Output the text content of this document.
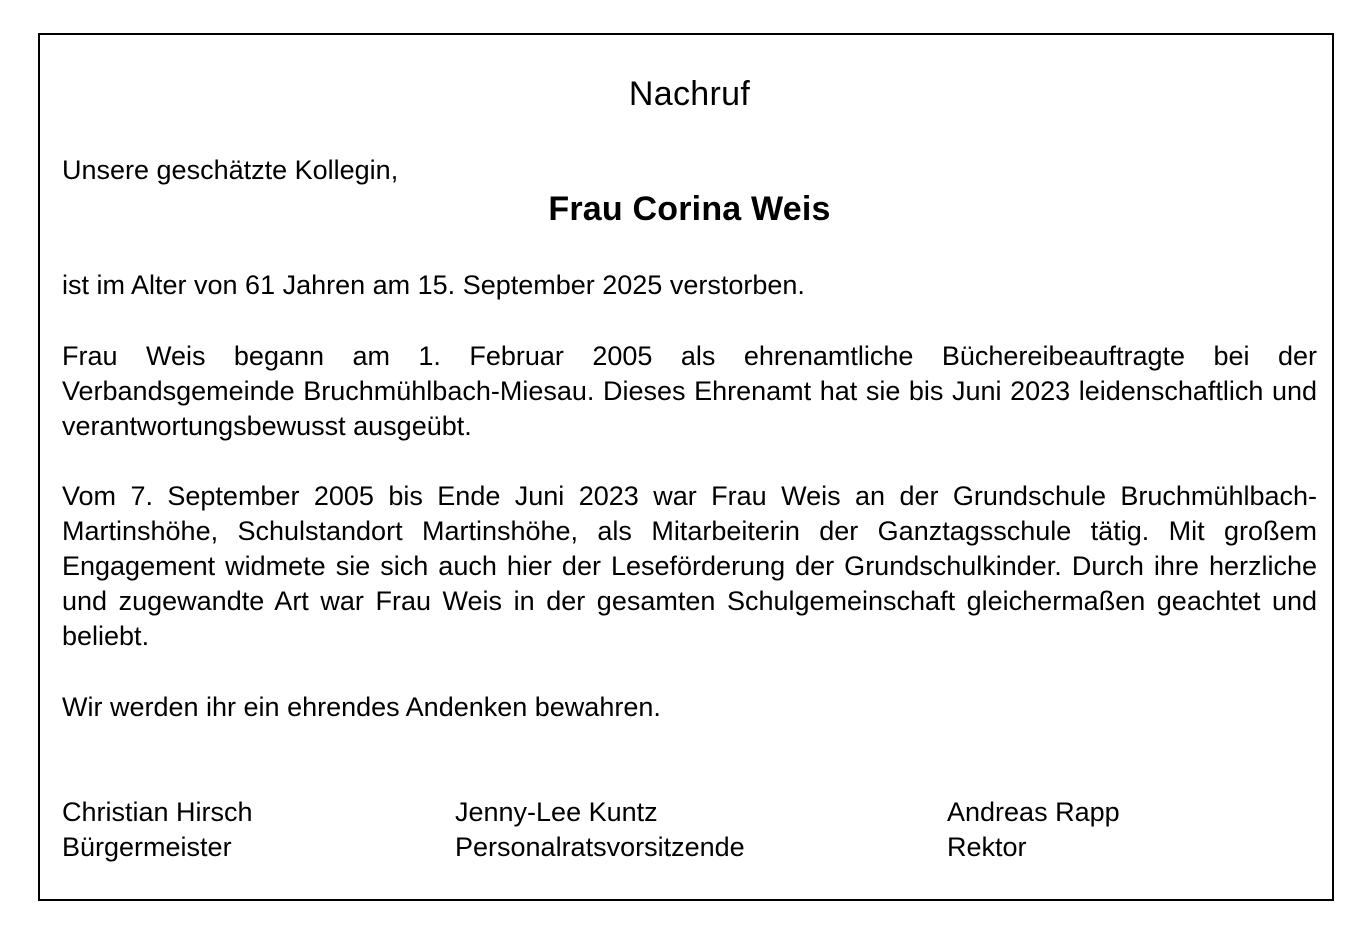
Nachruf

Unsere geschätzte Kollegin,

Frau Corina Weis

ist im Alter von 61 Jahren am 15. September 2025 verstorben.

Frau Weis begann am 1. Februar 2005 als ehrenamtliche Büchereibeauftragte bei der Verbandsgemeinde Bruchmühlbach-Miesau. Dieses Ehrenamt hat sie bis Juni 2023 leidenschaftlich und verantwortungsbewusst ausgeübt.

Vom 7. September 2005 bis Ende Juni 2023 war Frau Weis an der Grundschule Bruchmühlbach-Martinshöhe, Schulstandort Martinshöhe, als Mitarbeiterin der Ganztagsschule tätig. Mit großem Engagement widmete sie sich auch hier der Leseförderung der Grundschulkinder. Durch ihre herzliche und zugewandte Art war Frau Weis in der gesamten Schulgemeinschaft gleichermaßen geachtet und beliebt.

Wir werden ihr ein ehrendes Andenken bewahren.

Christian Hirsch
Bürgermeister
Jenny-Lee Kuntz
Personalratsvorsitzende
Andreas Rapp
Rektor
